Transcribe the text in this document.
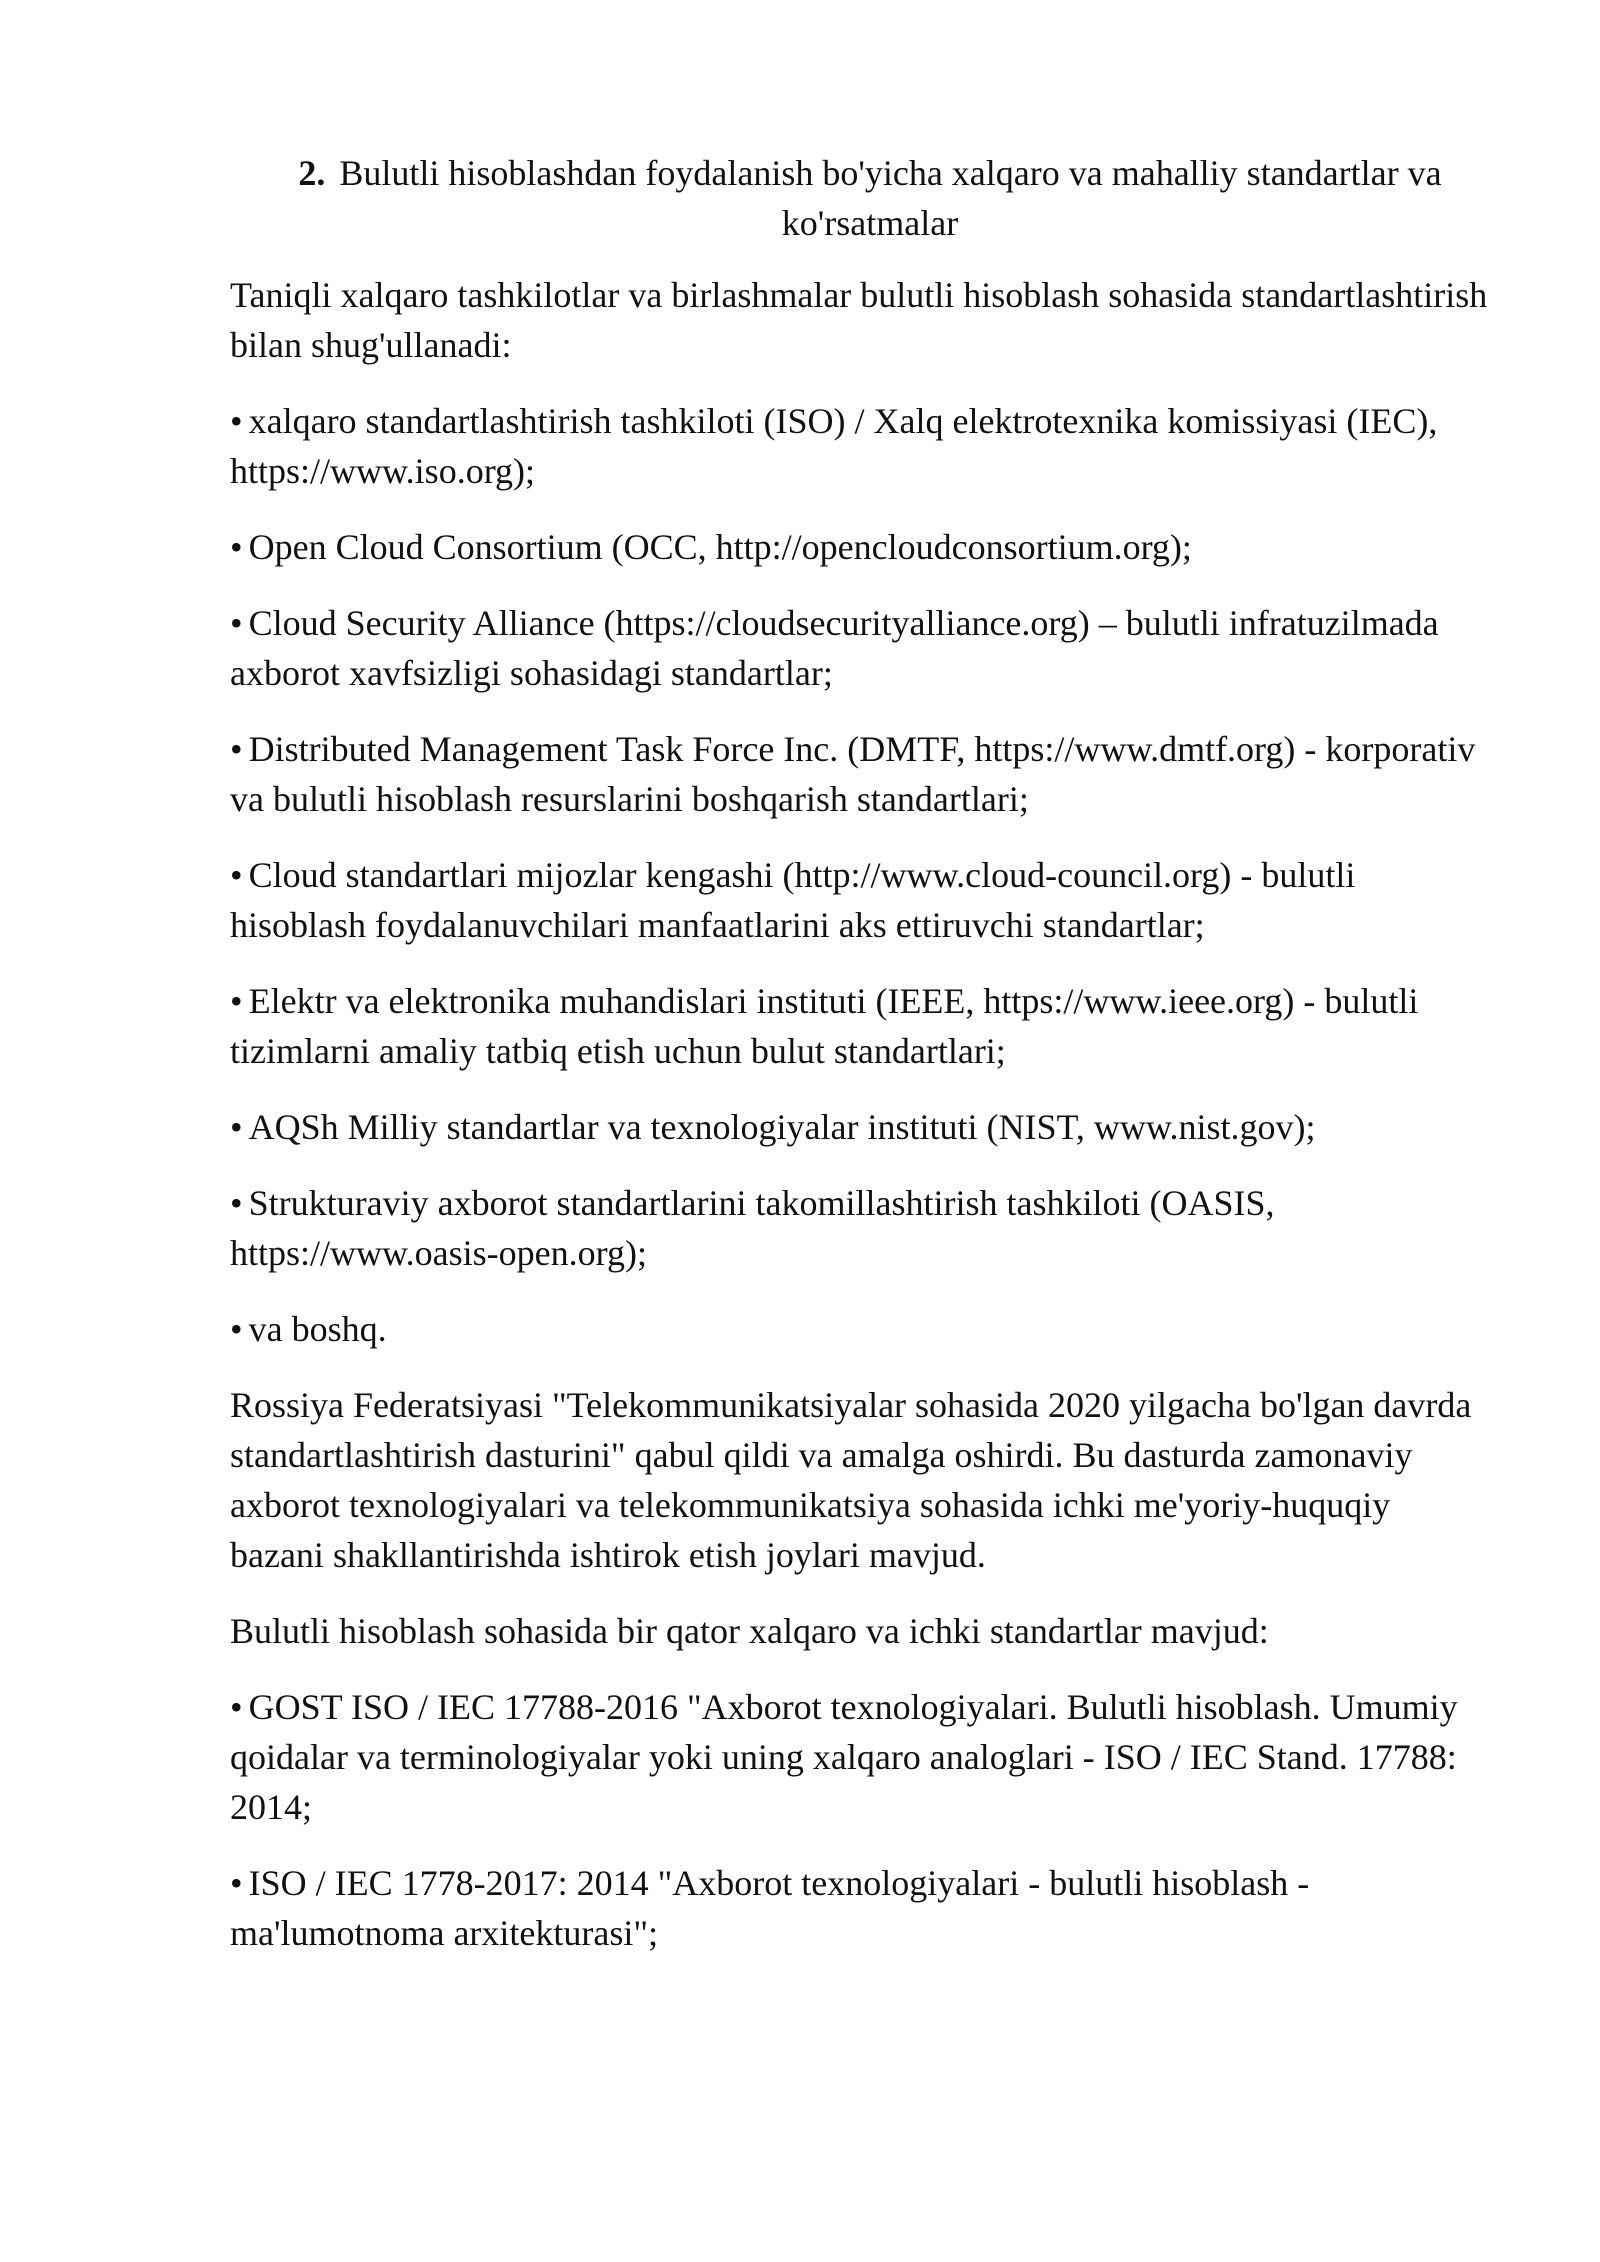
2. Bulutli hisoblashdan foydalanish bo'yicha xalqaro va mahalliy standartlar va ko'rsatmalar

Taniqli xalqaro tashkilotlar va birlashmalar bulutli hisoblash sohasida standartlashtirish bilan shug'ullanadi:

• xalqaro standartlashtirish tashkiloti (ISO) / Xalq elektrotexnika komissiyasi (IEC), https://www.iso.org);

• Open Cloud Consortium (OCC, http://opencloudconsortium.org);

• Cloud Security Alliance (https://cloudsecurityalliance.org) – bulutli infratuzilmada axborot xavfsizligi sohasidagi standartlar;

• Distributed Management Task Force Inc. (DMTF, https://www.dmtf.org) - korporativ va bulutli hisoblash resurslarini boshqarish standartlari;

• Cloud standartlari mijozlar kengashi (http://www.cloud-council.org) - bulutli hisoblash foydalanuvchilari manfaatlarini aks ettiruvchi standartlar;

• Elektr va elektronika muhandislari instituti (IEEE, https://www.ieee.org) - bulutli tizimlarni amaliy tatbiq etish uchun bulut standartlari;

• AQSh Milliy standartlar va texnologiyalar instituti (NIST, www.nist.gov);

• Strukturaviy axborot standartlarini takomillashtirish tashkiloti (OASIS, https://www.oasis-open.org);

• va boshq.

Rossiya Federatsiyasi "Telekommunikatsiyalar sohasida 2020 yilgacha bo'lgan davrda standartlashtirish dasturini" qabul qildi va amalga oshirdi. Bu dasturda zamonaviy axborot texnologiyalari va telekommunikatsiya sohasida ichki me'yoriy-huquqiy bazani shakllantirishda ishtirok etish joylari mavjud.

Bulutli hisoblash sohasida bir qator xalqaro va ichki standartlar mavjud:

• GOST ISO / IEC 17788-2016 "Axborot texnologiyalari. Bulutli hisoblash. Umumiy qoidalar va terminologiyalar yoki uning xalqaro analoglari - ISO / IEC Stand. 17788: 2014;

• ISO / IEC 1778-2017: 2014 "Axborot texnologiyalari - bulutli hisoblash - ma'lumotnoma arxitekturasi";
